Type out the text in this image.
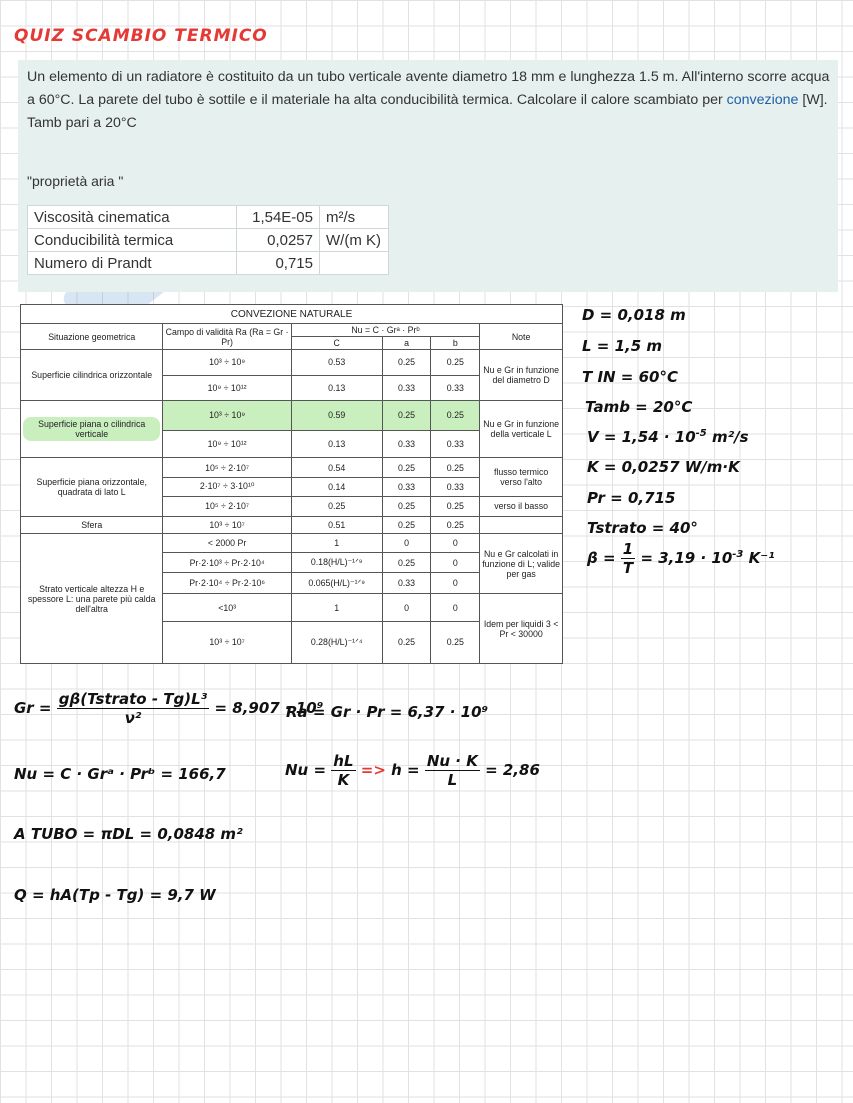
QUIZ SCAMBIO TERMICO
Un elemento di un radiatore è costituito da un tubo verticale avente diametro 18 mm e lunghezza 1.5 m. All'interno scorre acqua a 60°C. La parete del tubo è sottile e il materiale ha alta conducibilità termica. Calcolare il calore scambiato per convezione [W]. Tamb pari a 20°C
"proprietà aria "
Viscosità cinematica	1,54E-05	m²/s
Conducibilità termica	0,0257	W/(m K)
Numero di Prandt	0,715	
CONVEZIONE NATURALE					
Situazione geometrica	Campo di validità Ra (Ra = Gr · Pr)	Nu = C · Grᵃ · Prᵇ			Note
		C	a	b	
Superficie cilindrica orizzontale	10³ ÷ 10⁹	0.53	0.25	0.25	Nu e Gr in funzione del diametro D
	10⁹ ÷ 10¹²	0.13	0.33	0.33	
Superficie piana o cilindrica verticale	10³ ÷ 10⁹	0.59	0.25	0.25	Nu e Gr in funzione della verticale L
	10⁹ ÷ 10¹²	0.13	0.33	0.33	
Superficie piana orizzontale, quadrata di lato L	10⁵ ÷ 2·10⁷	0.54	0.25	0.25	flusso termico verso l'alto
	2·10⁷ ÷ 3·10¹⁰	0.14	0.33	0.33	
	10⁵ ÷ 2·10⁷	0.25	0.25	0.25	verso il basso
Sfera	10³ ÷ 10⁷	0.51	0.25	0.25	
Strato verticale altezza H e spessore L: una parete più calda dell'altra	< 2000 Pr	1	0	0	Nu e Gr calcolati in funzione di L; valide per gas
	Pr·2·10³ ÷ Pr·2·10⁴	0.18(H/L)⁻¹ᐟ⁹	0.25	0	
	Pr·2·10⁴ ÷ Pr·2·10⁶	0.065(H/L)⁻¹ᐟ⁹	0.33	0	
	<10³	1	0	0	Idem per liquidi 3 < Pr < 30000
	10³ ÷ 10⁷	0.28(H/L)⁻¹ᐟ⁴	0.25	0.25	
D = 0,018 m
L = 1,5 m
T IN = 60°C
Tamb = 20°C
$V = 1,54 \cdot 10^{-5}$ m²/s
K = 0,0257 W/m·K
Pr = 0,715
Tstrato = 40°
$\beta = \frac{1}{T} = 3,19 \cdot 10^{-3}$ K⁻¹
$Gr = \frac{\text{gβ(Tstrato - Tg)L³}}{\text{ν²}} = 8,907 \cdot 10^9$
Ra = Gr · Pr = 6,37 · 10⁹
Nu = C · Grᵃ · Prᵇ = 166,7	$Nu = \frac{hL}{K} => h = \frac{Nu \cdot K}{L} = 2,86$
A TUBO = πDL = 0,0848 m²
Q = hA(Tp - Tg) = 9,7 W
